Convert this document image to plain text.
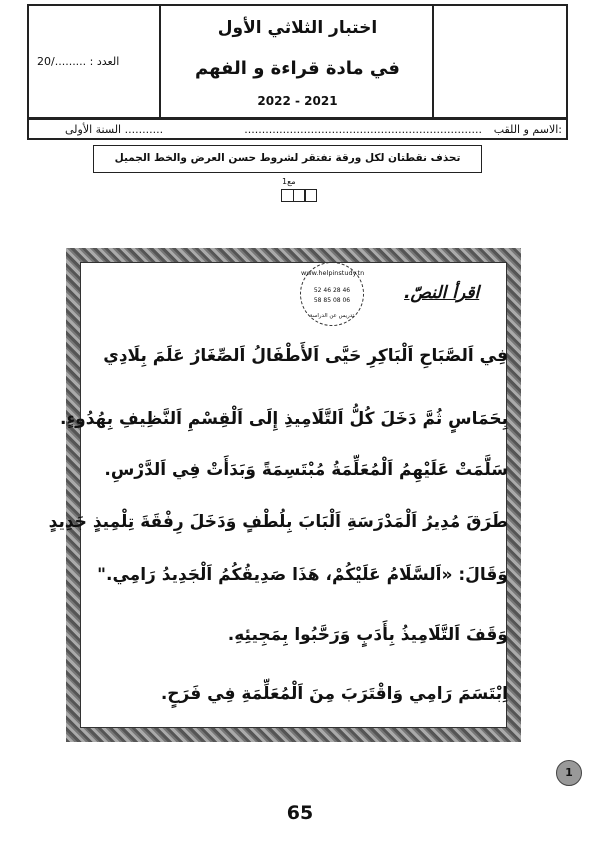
العدد : ........./20
اختبار الثلاثي الأول
في مادة قراءة و الفهم
2022 - 2021
الاسم و اللقب:
....................................................................
السنة الأولى ...........
تحذف نقطتان لكل ورقة تفتقر لشروط حسن العرض والخط الجميل
مع1
www.helpinstudy.tn
52 46 28 46
58 85 08 06
تدريس عن الدراسة
اقرأ النصّ.
فِي اَلصَّبَاحِ اَلْبَاكِرِ حَيَّى اَلأَطْفَالُ اَلصِّغَارُ عَلَمَ بِلَادِي
بِحَمَاسٍ ثُمَّ دَخَلَ كُلُّ اَلتَّلَامِيذِ إِلَى اَلْقِسْمِ اَلنَّظِيفِ بِهُدُوءٍ.
سَلَّمَتْ عَلَيْهِمُ اَلْمُعَلِّمَةُ مُبْتَسِمَةً وَبَدَأَتْ فِي اَلدَّرْسِ.
طَرَقَ مُدِيرُ اَلْمَدْرَسَةِ اَلْبَابَ بِلُطْفٍ وَدَخَلَ رِفْقَةَ تِلْمِيذٍ جَدِيدٍ
وَقَالَ: «اَلسَّلَامُ عَلَيْكُمْ، هَذَا صَدِيقُكُمُ اَلْجَدِيدُ رَامِي."
وَقَفَ اَلتَّلَامِيذُ بِأَدَبٍ وَرَحَّبُوا بِمَجِيئِهِ.
اِبْتَسَمَ رَامِي وَاقْتَرَبَ مِنَ اَلْمُعَلِّمَةِ فِي فَرَحٍ.
1
65
